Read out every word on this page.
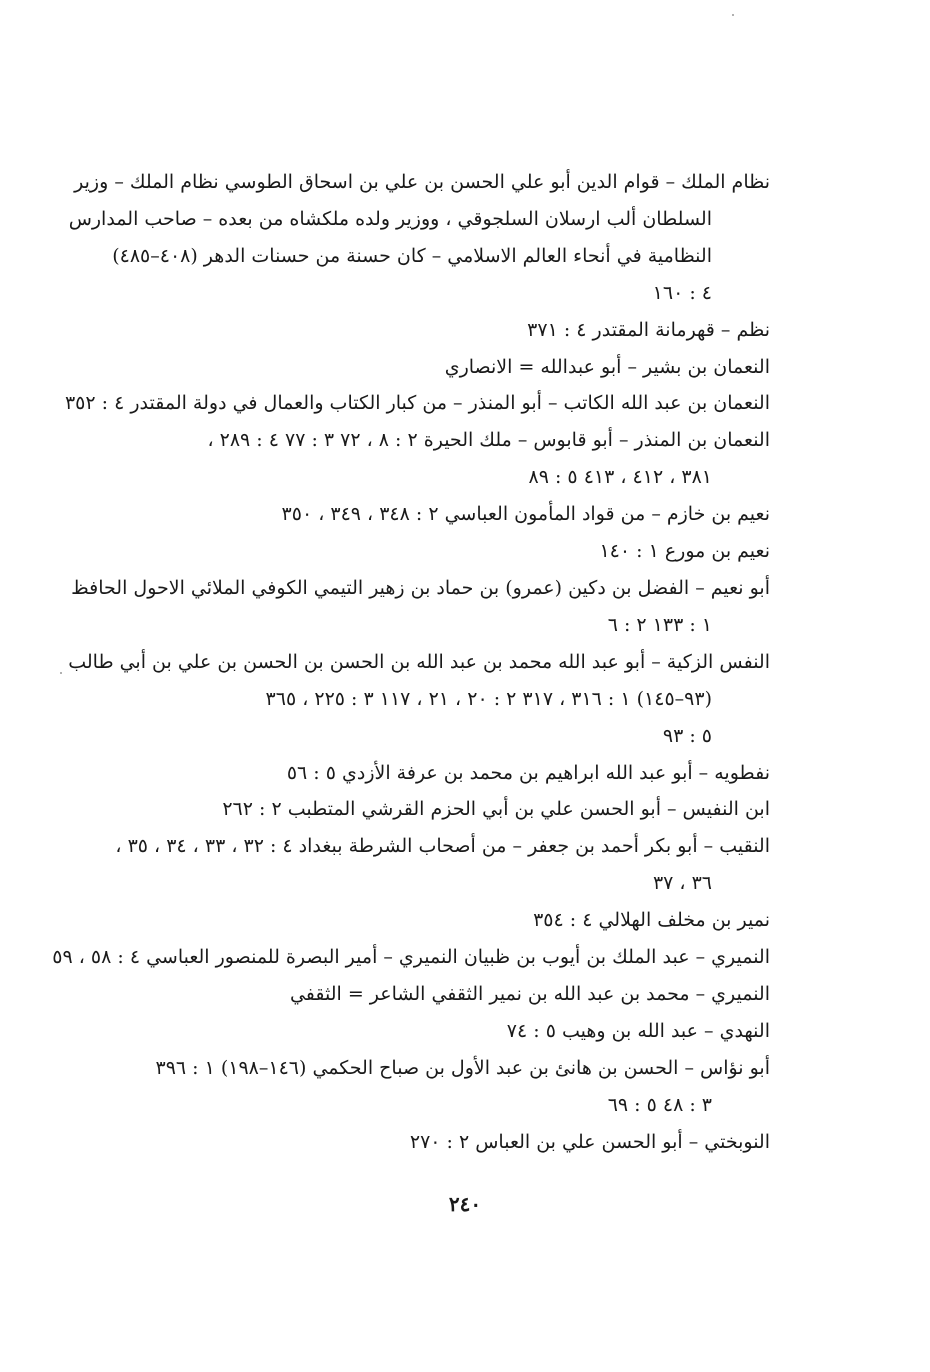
نظام الملك – قوام الدين أبو علي الحسن بن علي بن اسحاق الطوسي نظام الملك – وزير
السلطان ألب ارسلان السلجوقي ، ووزير ولده ملكشاه من بعده – صاحب المدارس
النظامية في أنحاء العالم الاسلامي – كان حسنة من حسنات الدهر (٤٠٨–٤٨٥)
٤ : ١٦٠
نظم – قهرمانة المقتدر ٤ : ٣٧١
النعمان بن بشير – أبو عبدالله = الانصاري
النعمان بن عبد الله الكاتب – أبو المنذر – من كبار الكتاب والعمال في دولة المقتدر ٤ : ٣٥٢
النعمان بن المنذر – أبو قابوس – ملك الحيرة ٢ : ٨ ، ٧٢ ٣ : ٧٧ ٤ : ٢٨٩ ،
٣٨١ ، ٤١٢ ، ٤١٣ ٥ : ٨٩
نعيم بن خازم – من قواد المأمون العباسي ٢ : ٣٤٨ ، ٣٤٩ ، ٣٥٠
نعيم بن مورع ١ : ١٤٠
أبو نعيم – الفضل بن دكين (عمرو) بن حماد بن زهير التيمي الكوفي الملائي الاحول الحافظ
١ : ١٣٣ ٢ : ٦
النفس الزكية – أبو عبد الله محمد بن عبد الله بن الحسن بن الحسن بن علي بن أبي طالب
(٩٣–١٤٥) ١ : ٣١٦ ، ٣١٧ ٢ : ٢٠ ، ٢١ ، ١١٧ ٣ : ٢٢٥ ، ٣٦٥
٥ : ٩٣
نفطويه – أبو عبد الله ابراهيم بن محمد بن عرفة الأزدي ٥ : ٥٦
ابن النفيس – أبو الحسن علي بن أبي الحزم القرشي المتطبب ٢ : ٢٦٢
النقيب – أبو بكر أحمد بن جعفر – من أصحاب الشرطة ببغداد ٤ : ٣٢ ، ٣٣ ، ٣٤ ، ٣٥ ،
٣٦ ، ٣٧
نمير بن مخلف الهلالي ٤ : ٣٥٤
النميري – عبد الملك بن أيوب بن ظبيان النميري – أمير البصرة للمنصور العباسي ٤ : ٥٨ ، ٥٩
النميري – محمد بن عبد الله بن نمير الثقفي الشاعر = الثقفي
النهدي – عبد الله بن وهيب ٥ : ٧٤
أبو نؤاس – الحسن بن هانئ بن عبد الأول بن صباح الحكمي (١٤٦–١٩٨) ١ : ٣٩٦
٣ : ٤٨ ٥ : ٦٩
النوبختي – أبو الحسن علي بن العباس ٢ : ٢٧٠
٢٤٠
